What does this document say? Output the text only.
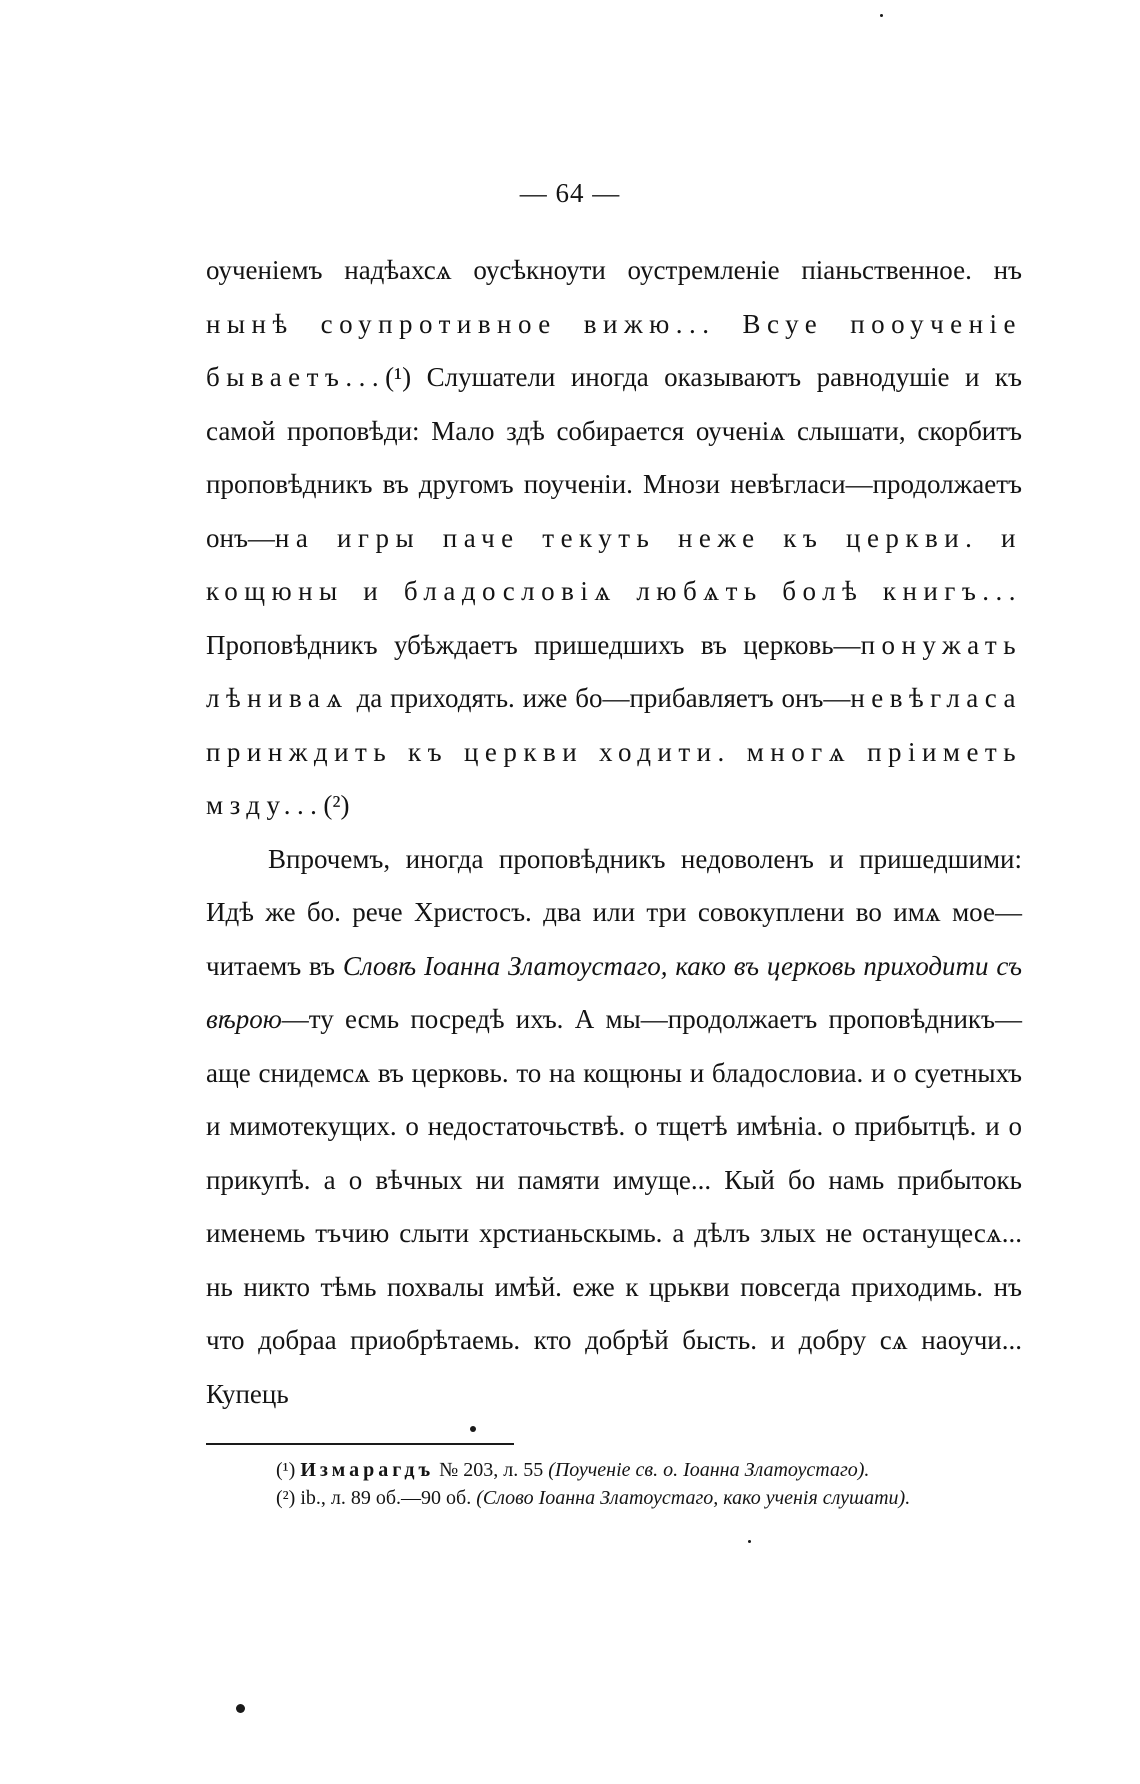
— 64 —

оученіемъ надѣахсѧ оусѣкноути оустремленіе піаньственное. нъ нынѣ соупротивное вижю... Всуе пооученіе бываетъ...(¹) Слушатели иногда оказываютъ равнодушіе и къ самой проповѣди: Мало здѣ собирается оученіѧ слышати, скорбитъ проповѣдникъ въ другомъ поученіи. Мнози невѣгласи—продолжаетъ онъ—на игры паче текуть неже къ церкви. и кощюны и бладословіѧ любѧть болѣ книгъ... Проповѣдникъ убѣждаетъ пришедшихъ въ церковь—понужать лѣниваѧ да приходять. иже бо—прибавляетъ онъ—невѣгласа принждить къ церкви ходити. многѧ пріиметь мзду...(²)

Впрочемъ, иногда проповѣдникъ недоволенъ и пришедшими: Идѣ же бо. рече Христосъ. два или три совокуплени во имѧ мое—читаемъ въ Словѣ Іоанна Златоустаго, како въ церковь приходити съ вѣрою—ту есмь посредѣ ихъ. А мы—продолжаетъ проповѣдникъ—аще снидемсѧ въ церковь. то на кощюны и бладословиа. и о суетныхъ и мимотекущих. о недостаточьствѣ. о тщетѣ имѣніа. о прибытцѣ. и о прикупѣ. а о вѣчных ни памяти имуще... Кый бо намь прибытокь именемь тъчию слыти хрстианьскымь. а дѣлъ злых не останущесѧ... нь никто тѣмь похвалы имѣй. еже к црькви повсегда приходимь. нъ что добраа приобрѣтаемь. кто добрѣй бысть. и добру сѧ наоучи... Купець

(¹) Измарагдъ № 203, л. 55 (Поученіе св. о. Іоанна Златоустаго).

(²) ib., л. 89 об.—90 об. (Слово Іоанна Златоустаго, како ученія слушати).
